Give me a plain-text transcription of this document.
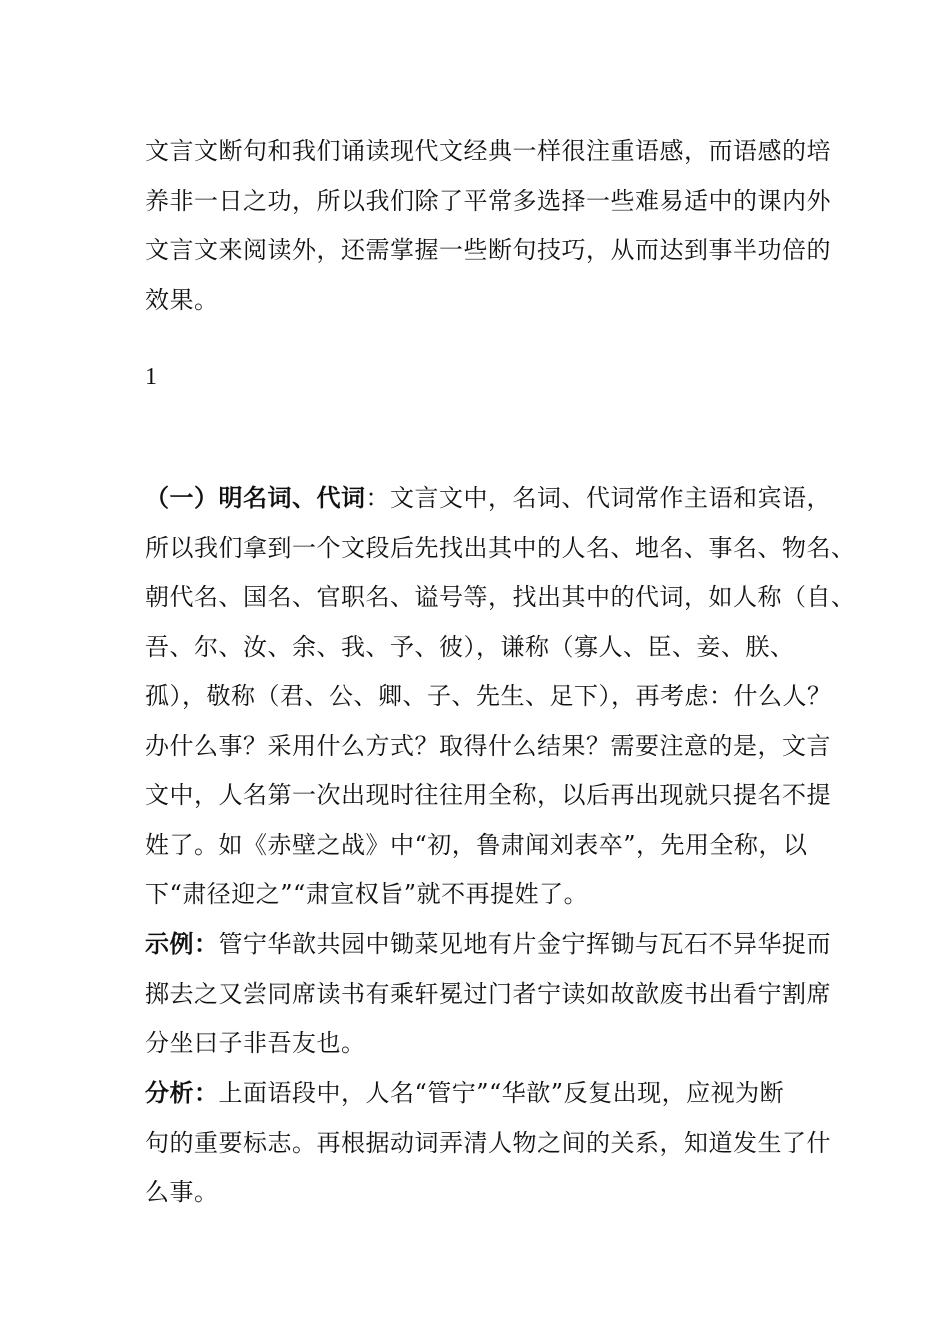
文言文断句和我们诵读现代文经典一样很注重语感，而语感的培
养非一日之功，所以我们除了平常多选择一些难易适中的课内外
文言文来阅读外，还需掌握一些断句技巧，从而达到事半功倍的
效果。
1
（一）明名词、代词：文言文中，名词、代词常作主语和宾语，
所以我们拿到一个文段后先找出其中的人名、地名、事名、物名、
朝代名、国名、官职名、谥号等，找出其中的代词，如人称（自、
吾、尔、汝、余、我、予、彼），谦称（寡人、臣、妾、朕、
孤），敬称（君、公、卿、子、先生、足下），再考虑：什么人？
办什么事？采用什么方式？取得什么结果？需要注意的是，文言
文中，人名第一次出现时往往用全称，以后再出现就只提名不提
姓了。如《赤壁之战》中“初，鲁肃闻刘表卒”，先用全称，以
下“肃径迎之”“肃宣权旨”就不再提姓了。
示例：管宁华歆共园中锄菜见地有片金宁挥锄与瓦石不异华捉而
掷去之又尝同席读书有乘轩冕过门者宁读如故歆废书出看宁割席
分坐曰子非吾友也。
分析：上面语段中，人名“管宁”“华歆”反复出现，应视为断
句的重要标志。再根据动词弄清人物之间的关系，知道发生了什
么事。
